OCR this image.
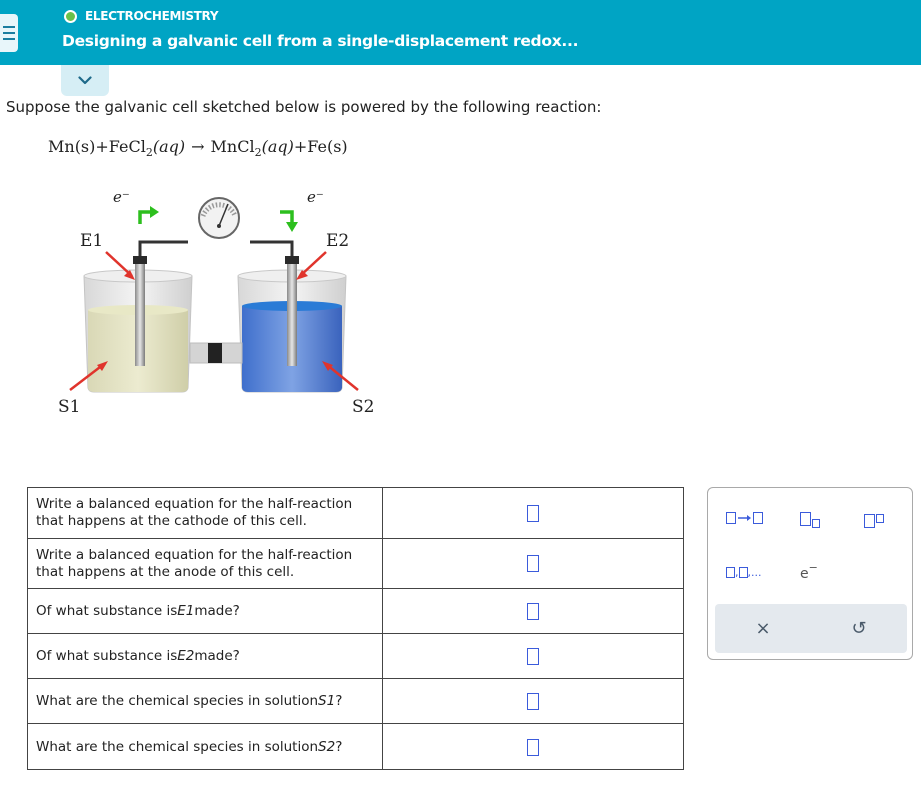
ELECTROCHEMISTRY
Designing a galvanic cell from a single-displacement redox...
Suppose the galvanic cell sketched below is powered by the following reaction:
Mn(s)+FeCl$_2$(aq) → MnCl$_2$(aq)+Fe(s)
e⁻	e⁻
E1	E2
S1	S2
Write a balanced equation for the half-reaction that happens at the cathode of this cell.
Write a balanced equation for the half-reaction that happens at the anode of this cell.
Of what substance is E1 made?
Of what substance is E2 made?
What are the chemical species in solution S1 ?
What are the chemical species in solution S2 ?
, ,...	e −
×	↺
